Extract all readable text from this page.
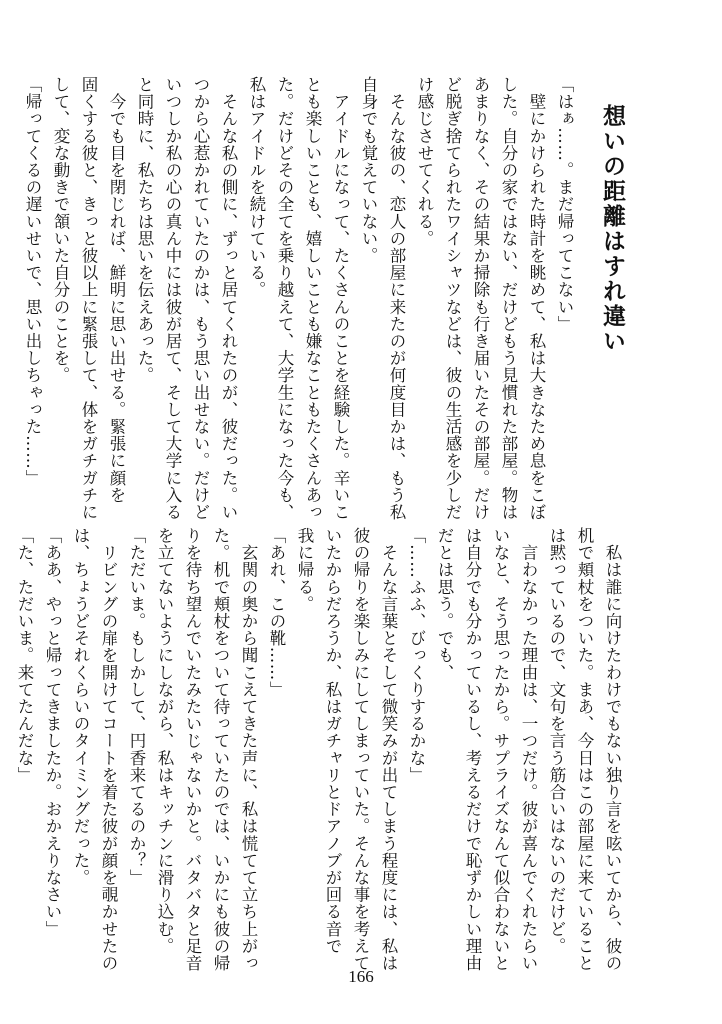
想いの距離はすれ違い
「はぁ……。まだ帰ってこない」
　壁にかけられた時計を眺めて、私は大きなため息をこぼ
した。自分の家ではない、だけどもう見慣れた部屋。物は
あまりなく、その結果か掃除も行き届いたその部屋。だけ
ど脱ぎ捨てられたワイシャツなどは、彼の生活感を少しだ
け感じさせてくれる。
　そんな彼の、恋人の部屋に来たのが何度目かは、もう私
自身でも覚えていない。
　アイドルになって、たくさんのことを経験した。辛いこ
とも楽しいことも、嬉しいことも嫌なこともたくさんあっ
た。だけどその全てを乗り越えて、大学生になった今も、
私はアイドルを続けている。
　そんな私の側に、ずっと居てくれたのが、彼だった。い
つから心惹かれていたのかは、もう思い出せない。だけど
いつしか私の心の真ん中には彼が居て、そして大学に入る
と同時に、私たちは思いを伝えあった。
　今でも目を閉じれば、鮮明に思い出せる。緊張に顔を
固くする彼と、きっと彼以上に緊張して、体をガチガチに
して、変な動きで頷いた自分のことを。
「帰ってくるの遅いせいで、思い出しちゃった……」
　私は誰に向けたわけでもない独り言を呟いてから、彼の
机で頬杖をついた。まあ、今日はこの部屋に来ていること
は黙っているので、文句を言う筋合いはないのだけど。
　言わなかった理由は、一つだけ。彼が喜んでくれたらい
いなと、そう思ったから。サプライズなんて似合わないと
は自分でも分かっているし、考えるだけで恥ずかしい理由
だとは思う。でも、
「……ふふ、びっくりするかな」
　そんな言葉とそして微笑みが出てしまう程度には、私は
彼の帰りを楽しみにしてしまっていた。そんな事を考えて
いたからだろうか、私はガチャリとドアノブが回る音で
我に帰る。
「あれ、この靴……」
　玄関の奥から聞こえてきた声に、私は慌てて立ち上がっ
た。机で頬杖をついて待っていたのでは、いかにも彼の帰
りを待ち望んでいたみたいじゃないかと。バタバタと足音
を立てないようにしながら、私はキッチンに滑り込む。
「ただいま。もしかして、円香来てるのか？」
　リビングの扉を開けてコートを着た彼が顔を覗かせたの
は、ちょうどそれくらいのタイミングだった。
「ああ、やっと帰ってきましたか。おかえりなさい」
「た、ただいま。来てたんだな」
166
